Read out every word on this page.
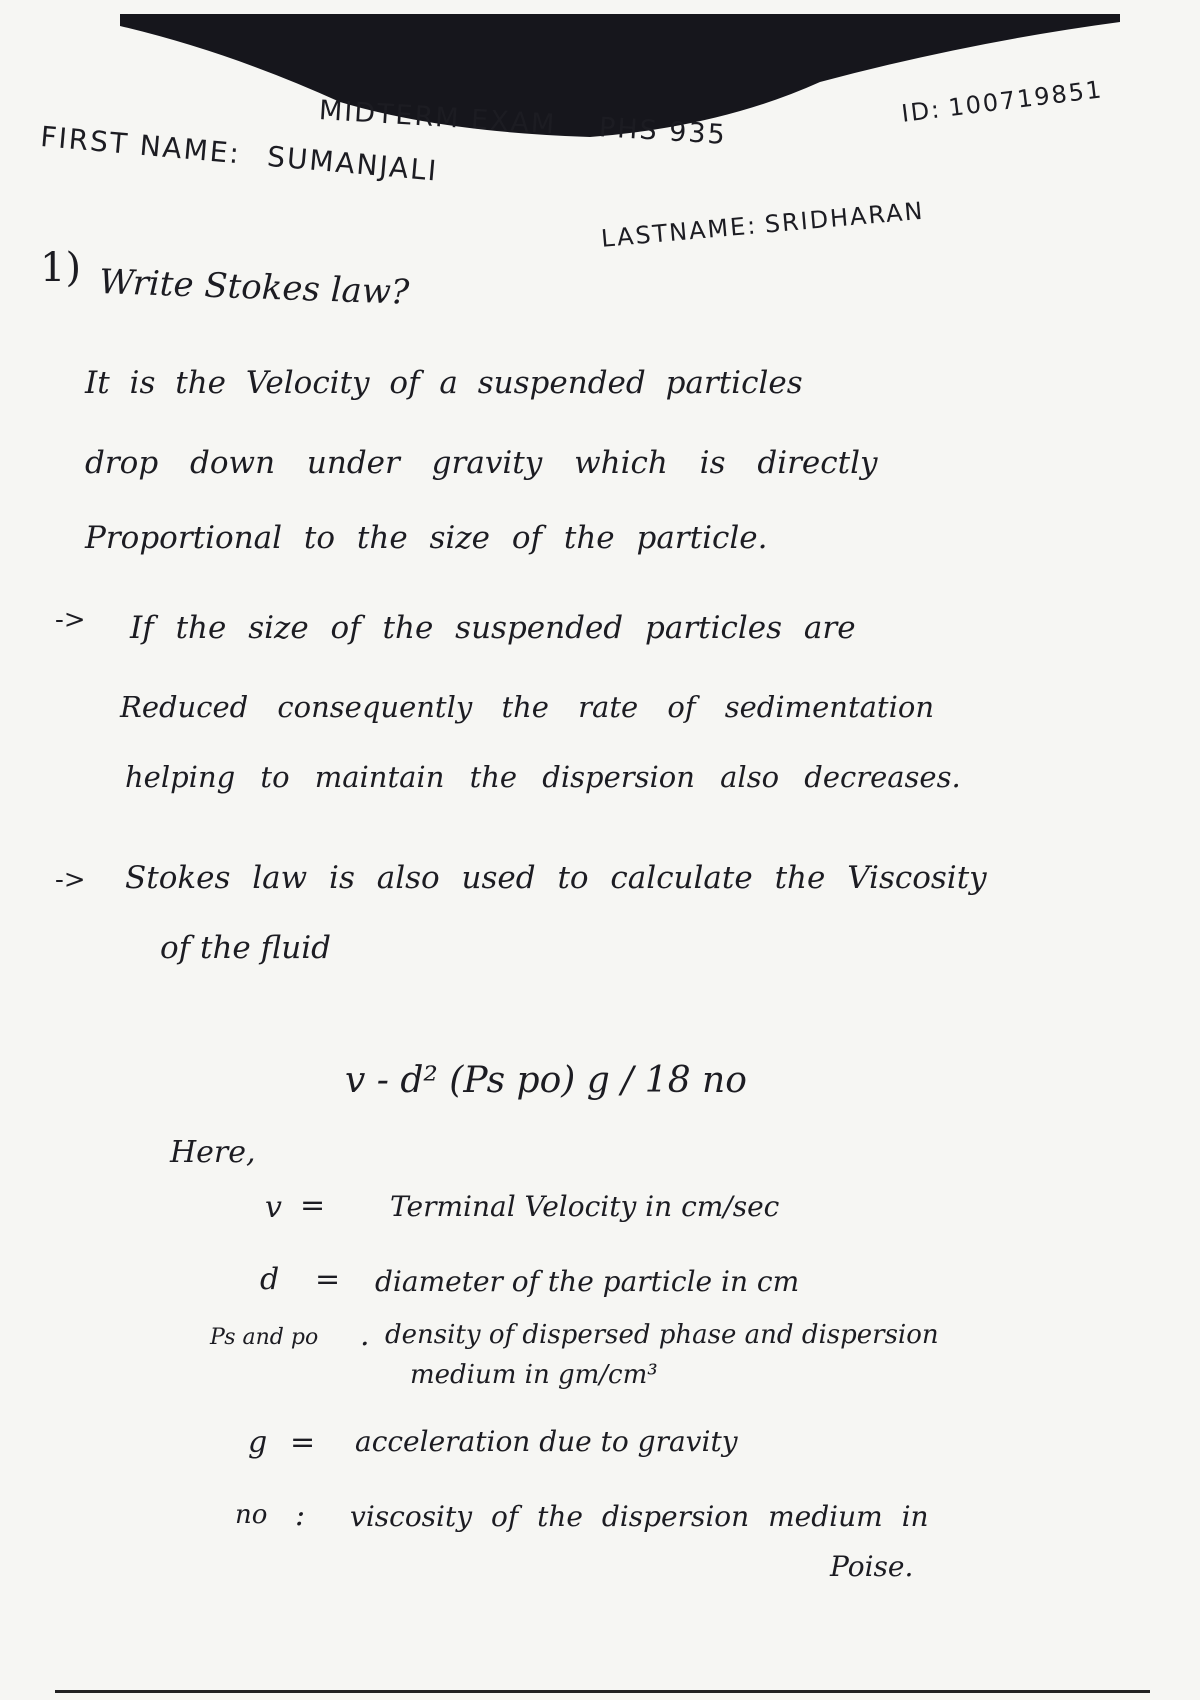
MIDTERM EXAM PHS 935
ID: 100719851
FIRST NAME: SUMANJALI
LASTNAME: SRIDHARAN
1) Write Stokes law?
It is the Velocity of a suspended particles
drop down under gravity which is directly
Proportional to the size of the particle.
-> If the size of the suspended particles are
Reduced consequently the rate of sedimentation
helping to maintain the dispersion also decreases.
-> Stokes law is also used to calculate the Viscosity
of the fluid
v - d² (Ps po) g / 18 no
Here,
v = Terminal Velocity in cm/sec
d = diameter of the particle in cm
Ps and po . density of dispersed phase and dispersion
medium in gm/cm³
g = acceleration due to gravity
no : viscosity of the dispersion medium in
Poise.
